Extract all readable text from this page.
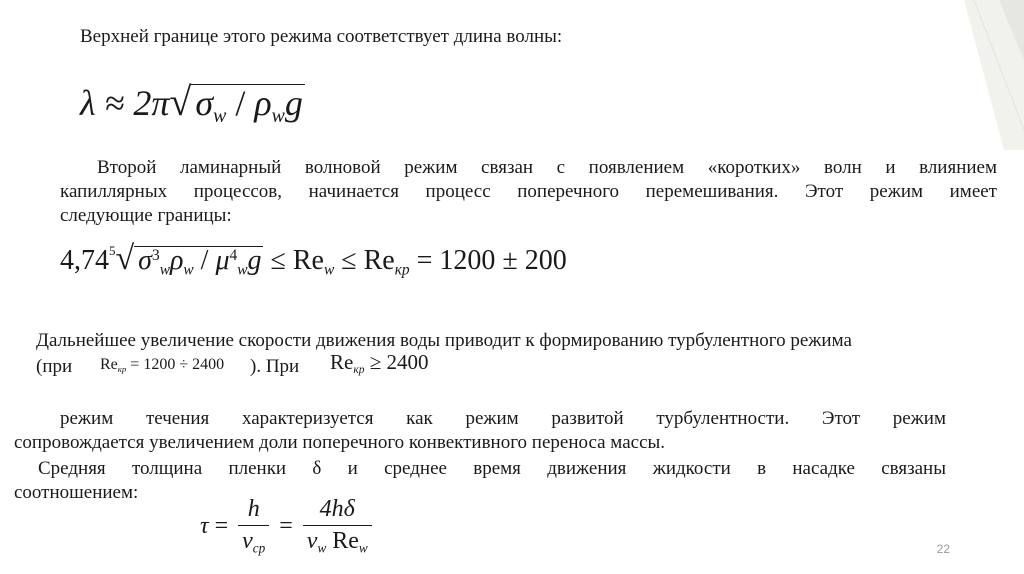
Верхней границе этого режима соответствует длина волны:
λ ≈ 2π√ $\sigma_w / \rho_wg$
Второй ламинарный волновой режим связан с появлением «коротких» волн и влиянием
капиллярных процессов, начинается процесс поперечного перемешивания. Этот режим имеет
следующие границы:
4,74$^5$√ $\sigma^3_w\rho_w / \mu^4_wg \le Re_w \le Re_{кр} = 1200 \pm 200$
Дальнейшее увеличение скорости движения воды приводит к формированию турбулентного режима
(при $Re_{кр} = 1200 \div 2400$ ). При $Re_{кр} \ge 2400$
режим течения характеризуется как режим развитой турбулентности. Этот режим
сопровождается увеличением доли поперечного конвективного переноса массы.
Средняя толщина пленки δ и среднее время движения жидкости в насадке связаны
соотношением:
$\tau = \frac{h}{v_{cp}} = \frac{4h\delta}{\nu_w Re_w}$	22
